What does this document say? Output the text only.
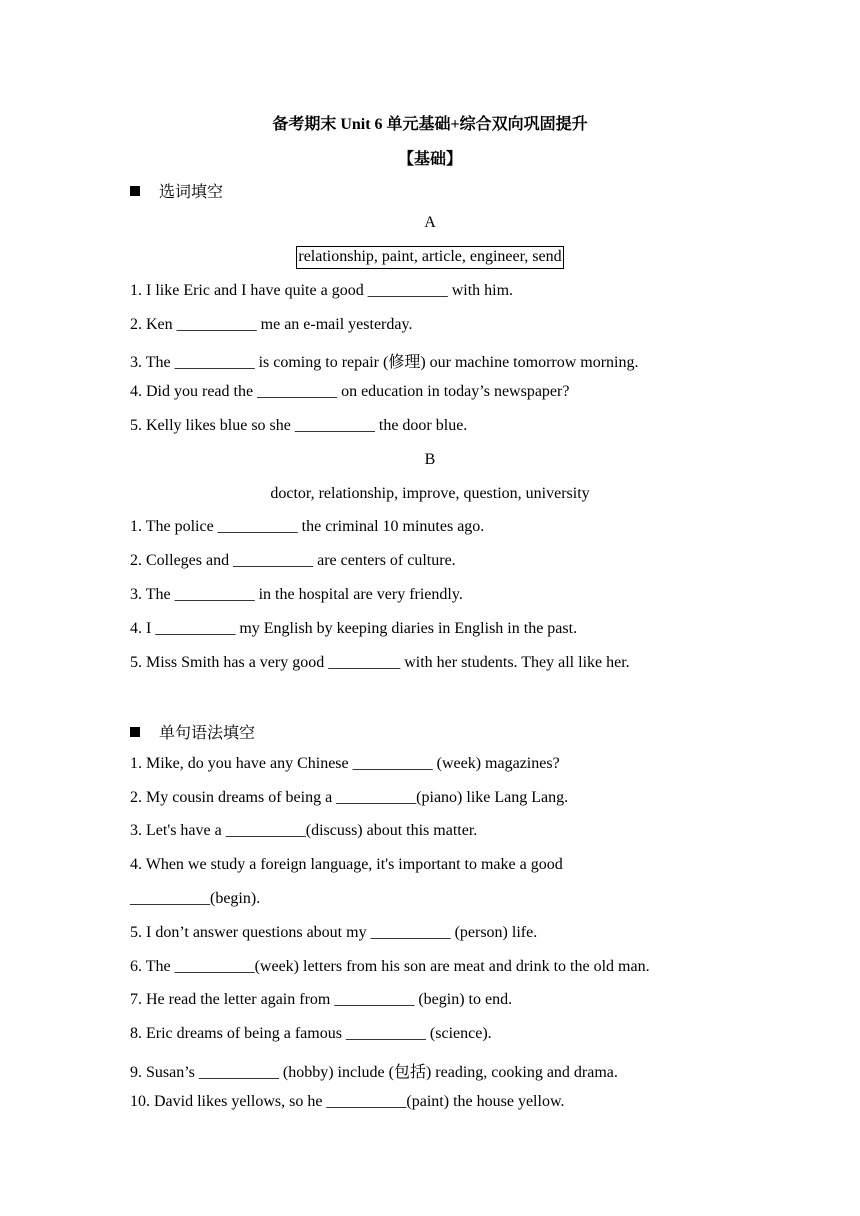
备考期末 Unit 6 单元基础+综合双向巩固提升
【基础】
选词填空
A
relationship, paint, article, engineer, send
1. I like Eric and I have quite a good __________ with him.
2. Ken __________ me an e-mail yesterday.
3. The __________ is coming to repair (修理) our machine tomorrow morning.
4. Did you read the __________ on education in today’s newspaper?
5. Kelly likes blue so she __________ the door blue.
B
doctor, relationship, improve, question, university
1. The police __________ the criminal 10 minutes ago.
2. Colleges and __________ are centers of culture.
3. The __________ in the hospital are very friendly.
4. I __________ my English by keeping diaries in English in the past.
5. Miss Smith has a very good _________ with her students. They all like her.
单句语法填空
1. Mike, do you have any Chinese __________ (week) magazines?
2. My cousin dreams of being a __________(piano) like Lang Lang.
3. Let's have a __________(discuss) about this matter.
4. When we study a foreign language, it's important to make a good
__________(begin).
5. I don’t answer questions about my __________ (person) life.
6. The __________(week) letters from his son are meat and drink to the old man.
7. He read the letter again from __________ (begin) to end.
8. Eric dreams of being a famous __________ (science).
9. Susan’s __________ (hobby) include (包括) reading, cooking and drama.
10. David likes yellows, so he __________(paint) the house yellow.
